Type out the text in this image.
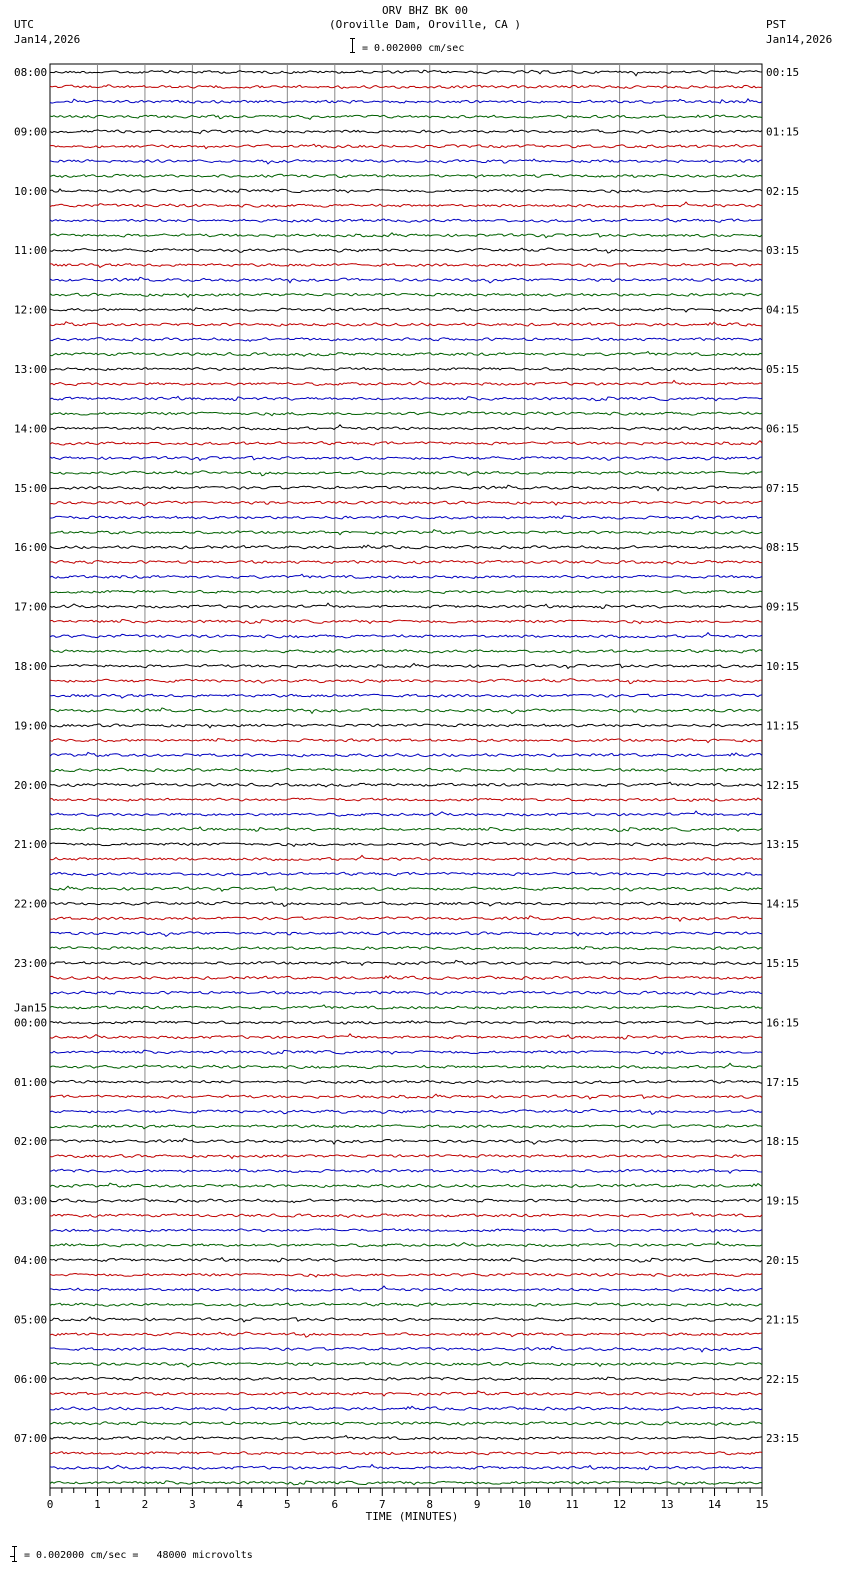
ORV BHZ BK 00
(Oroville Dam, Oroville, CA )
UTC
Jan14,2026
PST
Jan14,2026
= 0.002000 cm/sec
08:00	00:15
09:00	01:15
10:00	02:15
11:00	03:15
12:00	04:15
13:00	05:15
14:00	06:15
15:00	07:15
16:00	08:15
17:00	09:15
18:00	10:15
19:00	11:15
20:00	12:15
21:00	13:15
22:00	14:15
23:00	15:15
00:00	16:15
Jan15
01:00	17:15
02:00	18:15
03:00	19:15
04:00	20:15
05:00	21:15
06:00	22:15
07:00	23:15
0	1	2	3	4	5	6	7	8	9	10	11	12	13	14	15
TIME (MINUTES)
= 0.002000 cm/sec =   48000 microvolts
